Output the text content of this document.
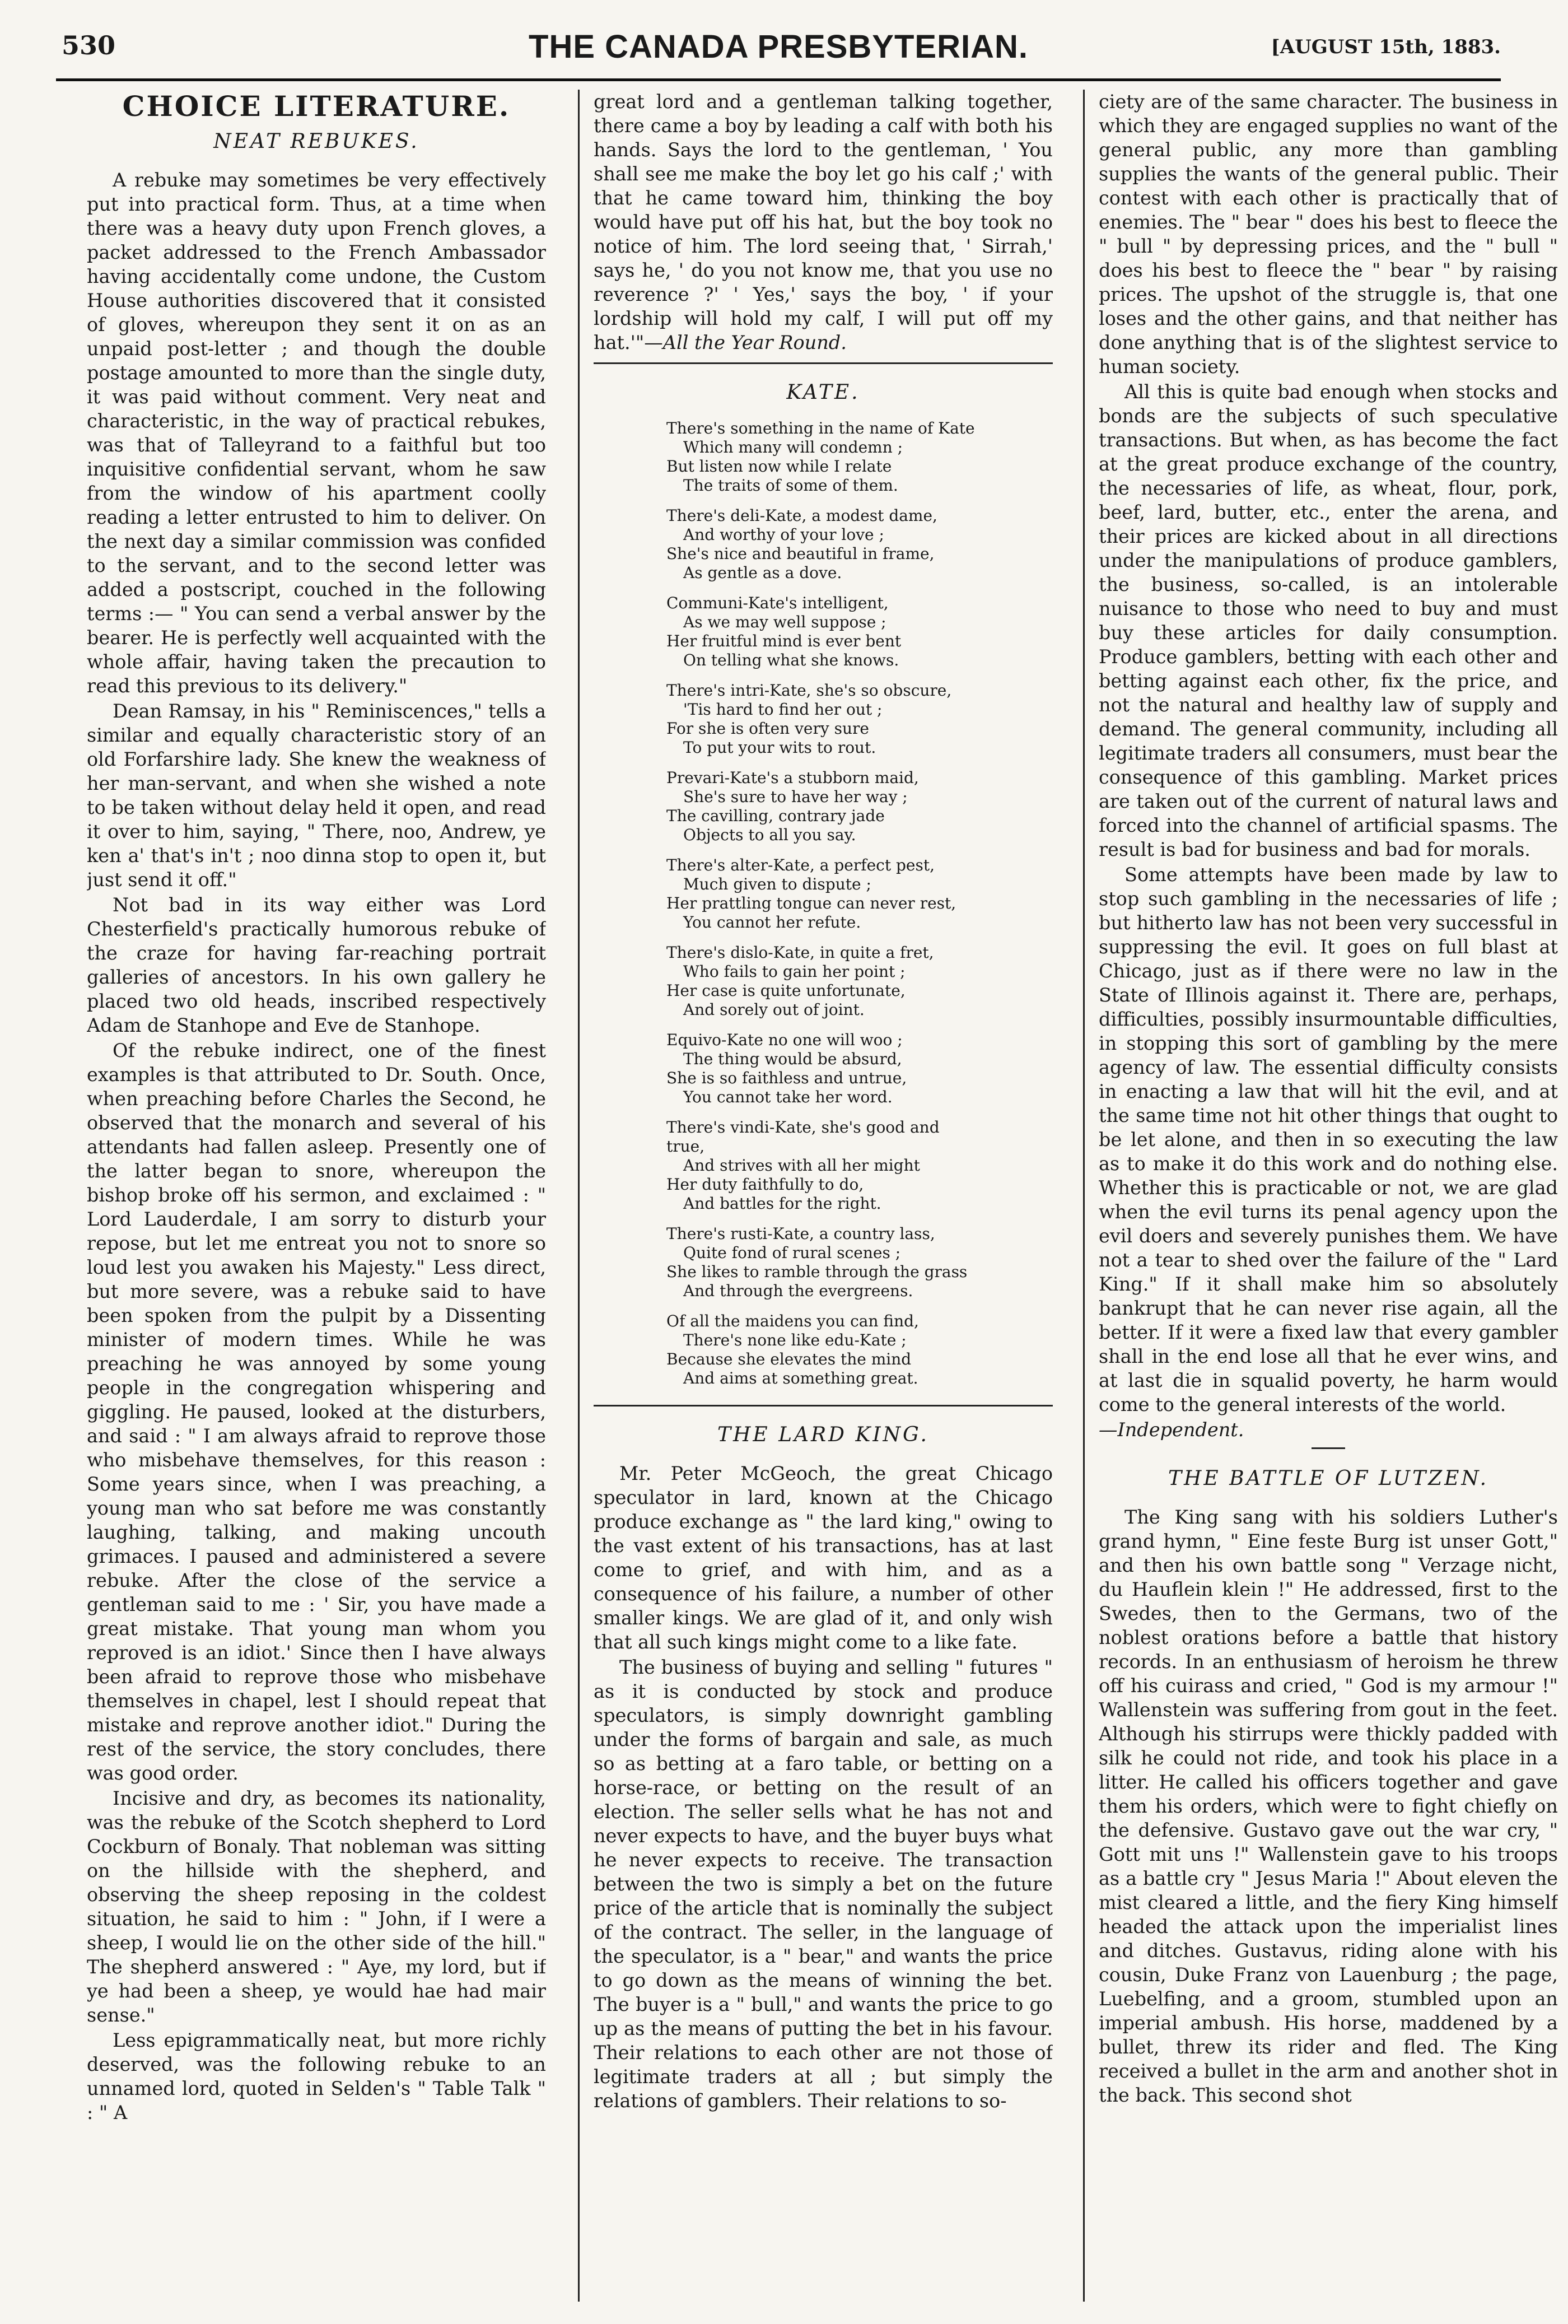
530	THE CANADA PRESBYTERIAN.	[AUGUST 15th, 1883.
CHOICE LITERATURE.
NEAT REBUKES.

A rebuke may sometimes be very effectively put into practical form. Thus, at a time when there was a heavy duty upon French gloves, a packet addressed to the French Ambassador having accidentally come undone, the Custom House authorities discovered that it consisted of gloves, whereupon they sent it on as an unpaid post-letter ; and though the double postage amounted to more than the single duty, it was paid without comment. Very neat and characteristic, in the way of practical rebukes, was that of Talleyrand to a faithful but too inquisitive confidential servant, whom he saw from the window of his apartment coolly reading a letter entrusted to him to deliver. On the next day a similar commission was confided to the servant, and to the second letter was added a postscript, couched in the following terms :— " You can send a verbal answer by the bearer. He is perfectly well acquainted with the whole affair, having taken the precaution to read this previous to its delivery."

Dean Ramsay, in his " Reminiscences," tells a similar and equally characteristic story of an old Forfarshire lady. She knew the weakness of her man-servant, and when she wished a note to be taken without delay held it open, and read it over to him, saying, " There, noo, Andrew, ye ken a' that's in't ; noo dinna stop to open it, but just send it off."

Not bad in its way either was Lord Chesterfield's practically humorous rebuke of the craze for having far-reaching portrait galleries of ancestors. In his own gallery he placed two old heads, inscribed respectively Adam de Stanhope and Eve de Stanhope.

Of the rebuke indirect, one of the finest examples is that attributed to Dr. South. Once, when preaching before Charles the Second, he observed that the monarch and several of his attendants had fallen asleep. Presently one of the latter began to snore, whereupon the bishop broke off his sermon, and exclaimed : " Lord Lauderdale, I am sorry to disturb your repose, but let me entreat you not to snore so loud lest you awaken his Majesty." Less direct, but more severe, was a rebuke said to have been spoken from the pulpit by a Dissenting minister of modern times. While he was preaching he was annoyed by some young people in the congregation whispering and giggling. He paused, looked at the disturbers, and said : " I am always afraid to reprove those who misbehave themselves, for this reason : Some years since, when I was preaching, a young man who sat before me was constantly laughing, talking, and making uncouth grimaces. I paused and administered a severe rebuke. After the close of the service a gentleman said to me : ' Sir, you have made a great mistake. That young man whom you reproved is an idiot.' Since then I have always been afraid to reprove those who misbehave themselves in chapel, lest I should repeat that mistake and reprove another idiot." During the rest of the service, the story concludes, there was good order.

Incisive and dry, as becomes its nationality, was the rebuke of the Scotch shepherd to Lord Cockburn of Bonaly. That nobleman was sitting on the hillside with the shepherd, and observing the sheep reposing in the coldest situation, he said to him : " John, if I were a sheep, I would lie on the other side of the hill." The shepherd answered : " Aye, my lord, but if ye had been a sheep, ye would hae had mair sense."

Less epigrammatically neat, but more richly deserved, was the following rebuke to an unnamed lord, quoted in Selden's " Table Talk " : " A

great lord and a gentleman talking together, there came a boy by leading a calf with both his hands. Says the lord to the gentleman, ' You shall see me make the boy let go his calf ;' with that he came toward him, thinking the boy would have put off his hat, but the boy took no notice of him. The lord seeing that, ' Sirrah,' says he, ' do you not know me, that you use no reverence ?' ' Yes,' says the boy, ' if your lordship will hold my calf, I will put off my hat.'"—All the Year Round.

KATE.
There's something in the name of Kate
Which many will condemn ;
But listen now while I relate
The traits of some of them.
There's deli-Kate, a modest dame,
And worthy of your love ;
She's nice and beautiful in frame,
As gentle as a dove.
Communi-Kate's intelligent,
As we may well suppose ;
Her fruitful mind is ever bent
On telling what she knows.
There's intri-Kate, she's so obscure,
'Tis hard to find her out ;
For she is often very sure
To put your wits to rout.
Prevari-Kate's a stubborn maid,
She's sure to have her way ;
The cavilling, contrary jade
Objects to all you say.
There's alter-Kate, a perfect pest,
Much given to dispute ;
Her prattling tongue can never rest,
You cannot her refute.
There's dislo-Kate, in quite a fret,
Who fails to gain her point ;
Her case is quite unfortunate,
And sorely out of joint.
Equivo-Kate no one will woo ;
The thing would be absurd,
She is so faithless and untrue,
You cannot take her word.
There's vindi-Kate, she's good and true,
And strives with all her might
Her duty faithfully to do,
And battles for the right.
There's rusti-Kate, a country lass,
Quite fond of rural scenes ;
She likes to ramble through the grass
And through the evergreens.
Of all the maidens you can find,
There's none like edu-Kate ;
Because she elevates the mind
And aims at something great.
THE LARD KING.

Mr. Peter McGeoch, the great Chicago speculator in lard, known at the Chicago produce exchange as " the lard king," owing to the vast extent of his transactions, has at last come to grief, and with him, and as a consequence of his failure, a number of other smaller kings. We are glad of it, and only wish that all such kings might come to a like fate.

The business of buying and selling " futures " as it is conducted by stock and produce speculators, is simply downright gambling under the forms of bargain and sale, as much so as betting at a faro table, or betting on a horse-race, or betting on the result of an election. The seller sells what he has not and never expects to have, and the buyer buys what he never expects to receive. The transaction between the two is simply a bet on the future price of the article that is nominally the subject of the contract. The seller, in the language of the speculator, is a " bear," and wants the price to go down as the means of winning the bet. The buyer is a " bull," and wants the price to go up as the means of putting the bet in his favour. Their relations to each other are not those of legitimate traders at all ; but simply the relations of gamblers. Their relations to so-

ciety are of the same character. The business in which they are engaged supplies no want of the general public, any more than gambling supplies the wants of the general public. Their contest with each other is practically that of enemies. The " bear " does his best to fleece the " bull " by depressing prices, and the " bull " does his best to fleece the " bear " by raising prices. The upshot of the struggle is, that one loses and the other gains, and that neither has done anything that is of the slightest service to human society.

All this is quite bad enough when stocks and bonds are the subjects of such speculative transactions. But when, as has become the fact at the great produce exchange of the country, the necessaries of life, as wheat, flour, pork, beef, lard, butter, etc., enter the arena, and their prices are kicked about in all directions under the manipulations of produce gamblers, the business, so-called, is an intolerable nuisance to those who need to buy and must buy these articles for daily consumption. Produce gamblers, betting with each other and betting against each other, fix the price, and not the natural and healthy law of supply and demand. The general community, including all legitimate traders all consumers, must bear the consequence of this gambling. Market prices are taken out of the current of natural laws and forced into the channel of artificial spasms. The result is bad for business and bad for morals.

Some attempts have been made by law to stop such gambling in the necessaries of life ; but hitherto law has not been very successful in suppressing the evil. It goes on full blast at Chicago, just as if there were no law in the State of Illinois against it. There are, perhaps, difficulties, possibly insurmountable difficulties, in stopping this sort of gambling by the mere agency of law. The essential difficulty consists in enacting a law that will hit the evil, and at the same time not hit other things that ought to be let alone, and then in so executing the law as to make it do this work and do nothing else. Whether this is practicable or not, we are glad when the evil turns its penal agency upon the evil doers and severely punishes them. We have not a tear to shed over the failure of the " Lard King." If it shall make him so absolutely bankrupt that he can never rise again, all the better. If it were a fixed law that every gambler shall in the end lose all that he ever wins, and at last die in squalid poverty, he harm would come to the general interests of the world.

—Independent.

THE BATTLE OF LUTZEN.

The King sang with his soldiers Luther's grand hymn, " Eine feste Burg ist unser Gott," and then his own battle song " Verzage nicht, du Hauflein klein !" He addressed, first to the Swedes, then to the Germans, two of the noblest orations before a battle that history records. In an enthusiasm of heroism he threw off his cuirass and cried, " God is my armour !" Wallenstein was suffering from gout in the feet. Although his stirrups were thickly padded with silk he could not ride, and took his place in a litter. He called his officers together and gave them his orders, which were to fight chiefly on the defensive. Gustavo gave out the war cry, " Gott mit uns !" Wallenstein gave to his troops as a battle cry " Jesus Maria !" About eleven the mist cleared a little, and the fiery King himself headed the attack upon the imperialist lines and ditches. Gustavus, riding alone with his cousin, Duke Franz von Lauenburg ; the page, Luebelfing, and a groom, stumbled upon an imperial ambush. His horse, maddened by a bullet, threw its rider and fled. The King received a bullet in the arm and another shot in the back. This second shot
